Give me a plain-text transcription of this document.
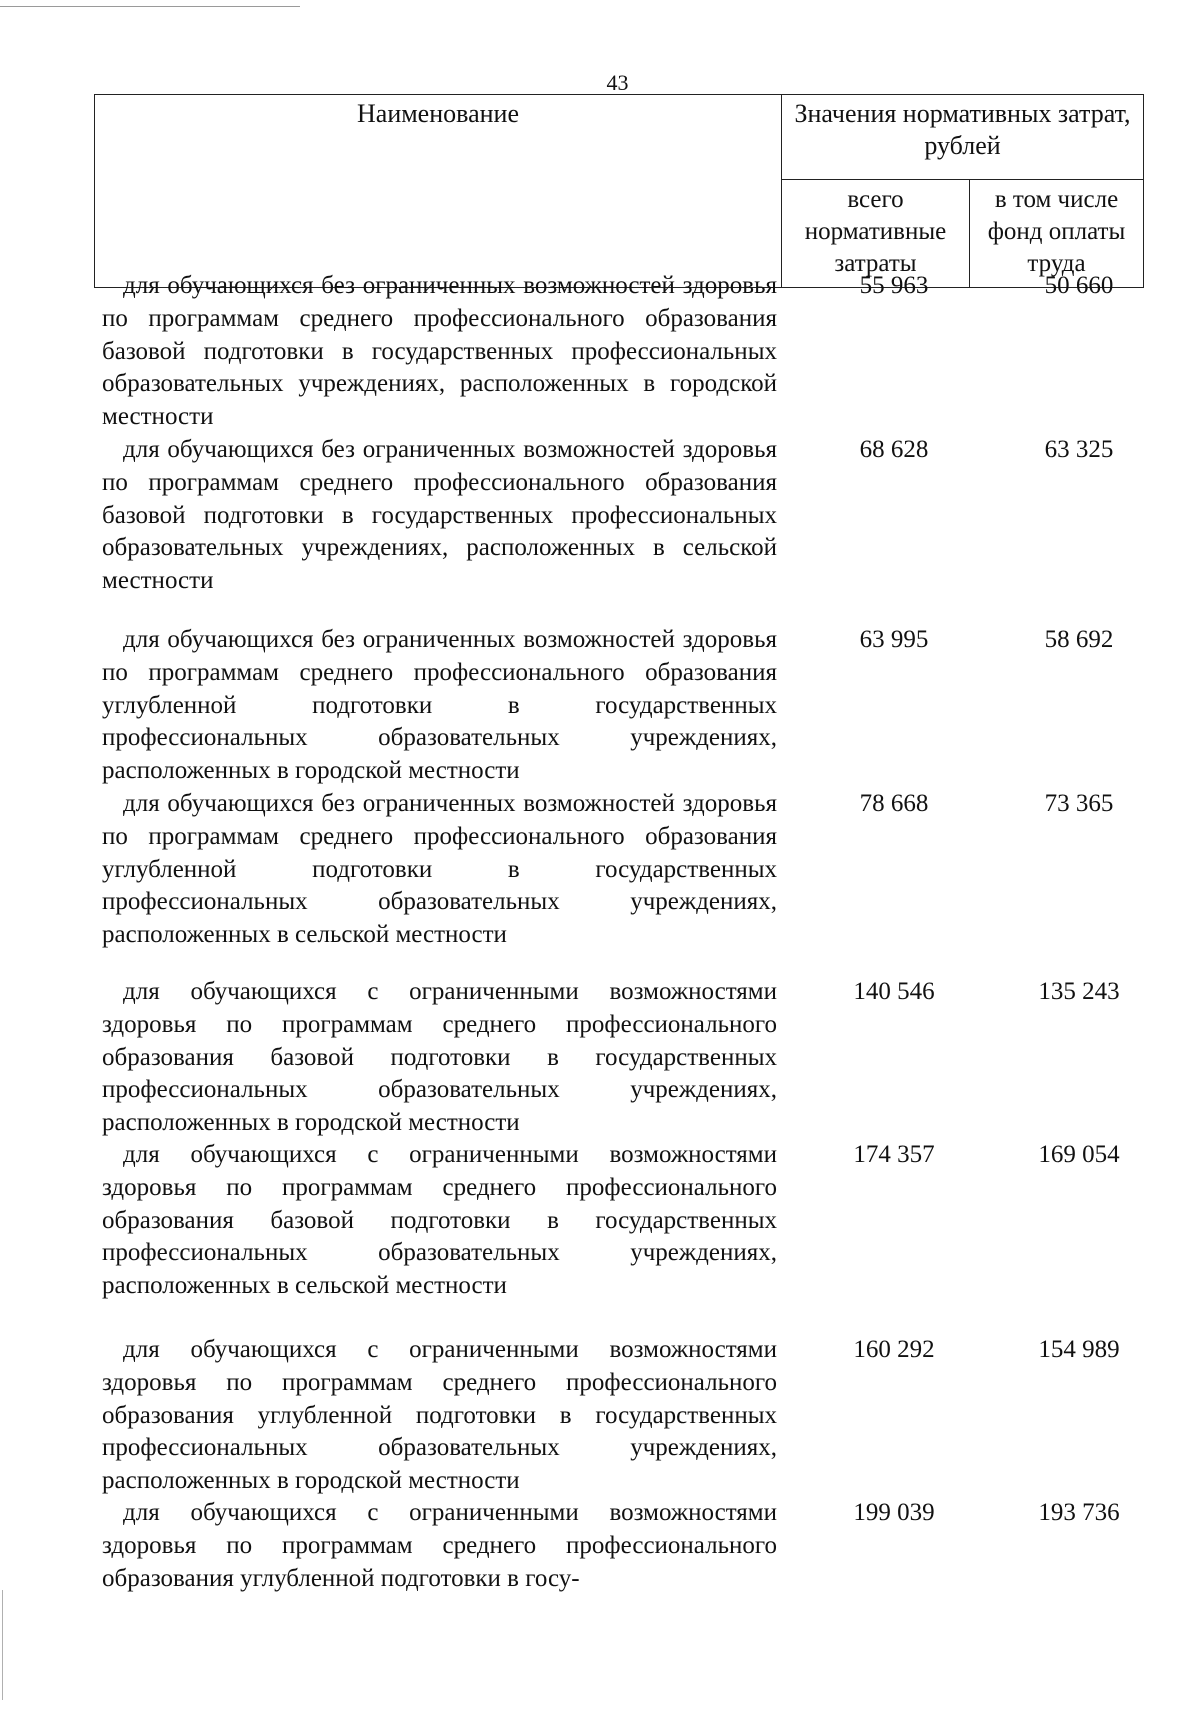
43
Наименование	Значения нормативных затрат, рублей
всего нормативные затраты
в том числе фонд оплаты труда
для обучающихся без ограниченных возможностей здоровья по программам среднего профессионального образования базовой подготовки в государственных профессиональных образовательных учреждениях, расположенных в городской местности
55 963	50 660
для обучающихся без ограниченных возможностей здоровья по программам среднего профессионального образования базовой подготовки в государственных профессиональных образовательных учреждениях, расположенных в сельской местности
68 628	63 325
для обучающихся без ограниченных возможностей здоровья по программам среднего профессионального образования углубленной подготовки в государственных профессиональных образовательных учреждениях, расположенных в городской местности
63 995	58 692
для обучающихся без ограниченных возможностей здоровья по программам среднего профессионального образования углубленной подготовки в государственных профессиональных образовательных учреждениях, расположенных в сельской местности
78 668	73 365
для обучающихся с ограниченными возможностями здоровья по программам среднего профессионального образования базовой подготовки в государственных профессиональных образовательных учреждениях, расположенных в городской местности
140 546	135 243
для обучающихся с ограниченными возможностями здоровья по программам среднего профессионального образования базовой подготовки в государственных профессиональных образовательных учреждениях, расположенных в сельской местности
174 357	169 054
для обучающихся с ограниченными возможностями здоровья по программам среднего профессионального образования углубленной подготовки в государственных профессиональных образовательных учреждениях, расположенных в городской местности
160 292	154 989
для обучающихся с ограниченными возможностями здоровья по программам среднего профессионального образования углубленной подготовки в госу-
199 039	193 736
